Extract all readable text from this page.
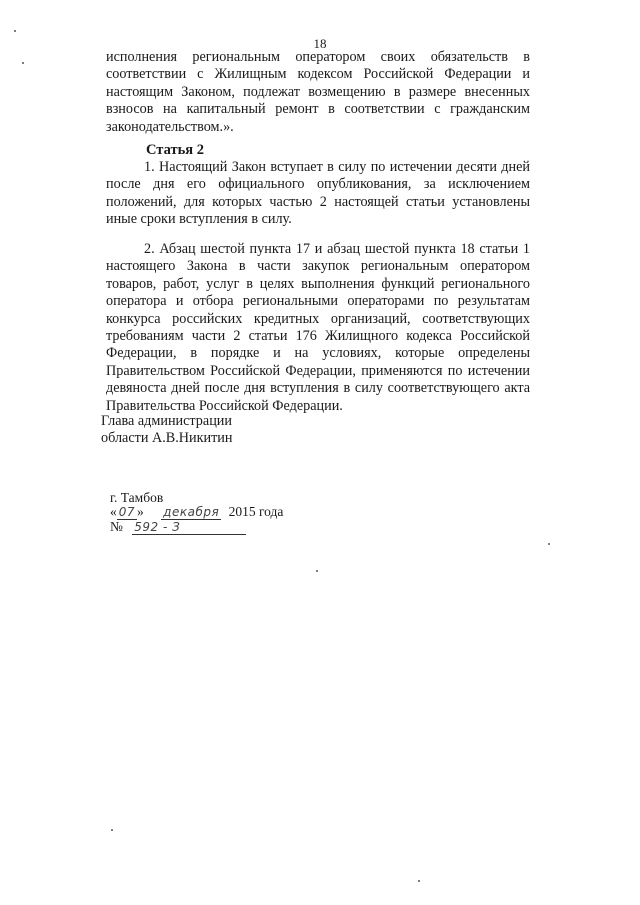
18
исполнения региональным оператором своих обязательств в соответствии с Жилищным кодексом Российской Федерации и настоящим Законом, подлежат возмещению в размере внесенных взносов на капитальный ремонт в соответствии с гражданским законодательством.».
Статья 2
1. Настоящий Закон вступает в силу по истечении десяти дней после дня его официального опубликования, за исключением положений, для которых частью 2 настоящей статьи установлены иные сроки вступления в силу.
2. Абзац шестой пункта 17 и абзац шестой пункта 18 статьи 1 настоящего Закона в части закупок региональным оператором товаров, работ, услуг в целях выполнения функций регионального оператора и отбора региональными операторами по результатам конкурса российских кредитных организаций, соответствующих требованиям части 2 статьи 176 Жилищного кодекса Российской Федерации, в порядке и на условиях, которые определены Правительством Российской Федерации, применяются по истечении девяноста дней после дня вступления в силу соответствующего акта Правительства Российской Федерации.
Глава администрации
области А.В.Никитин
г. Тамбов
« 07 » декабря 2015 года
№ 592 - З
